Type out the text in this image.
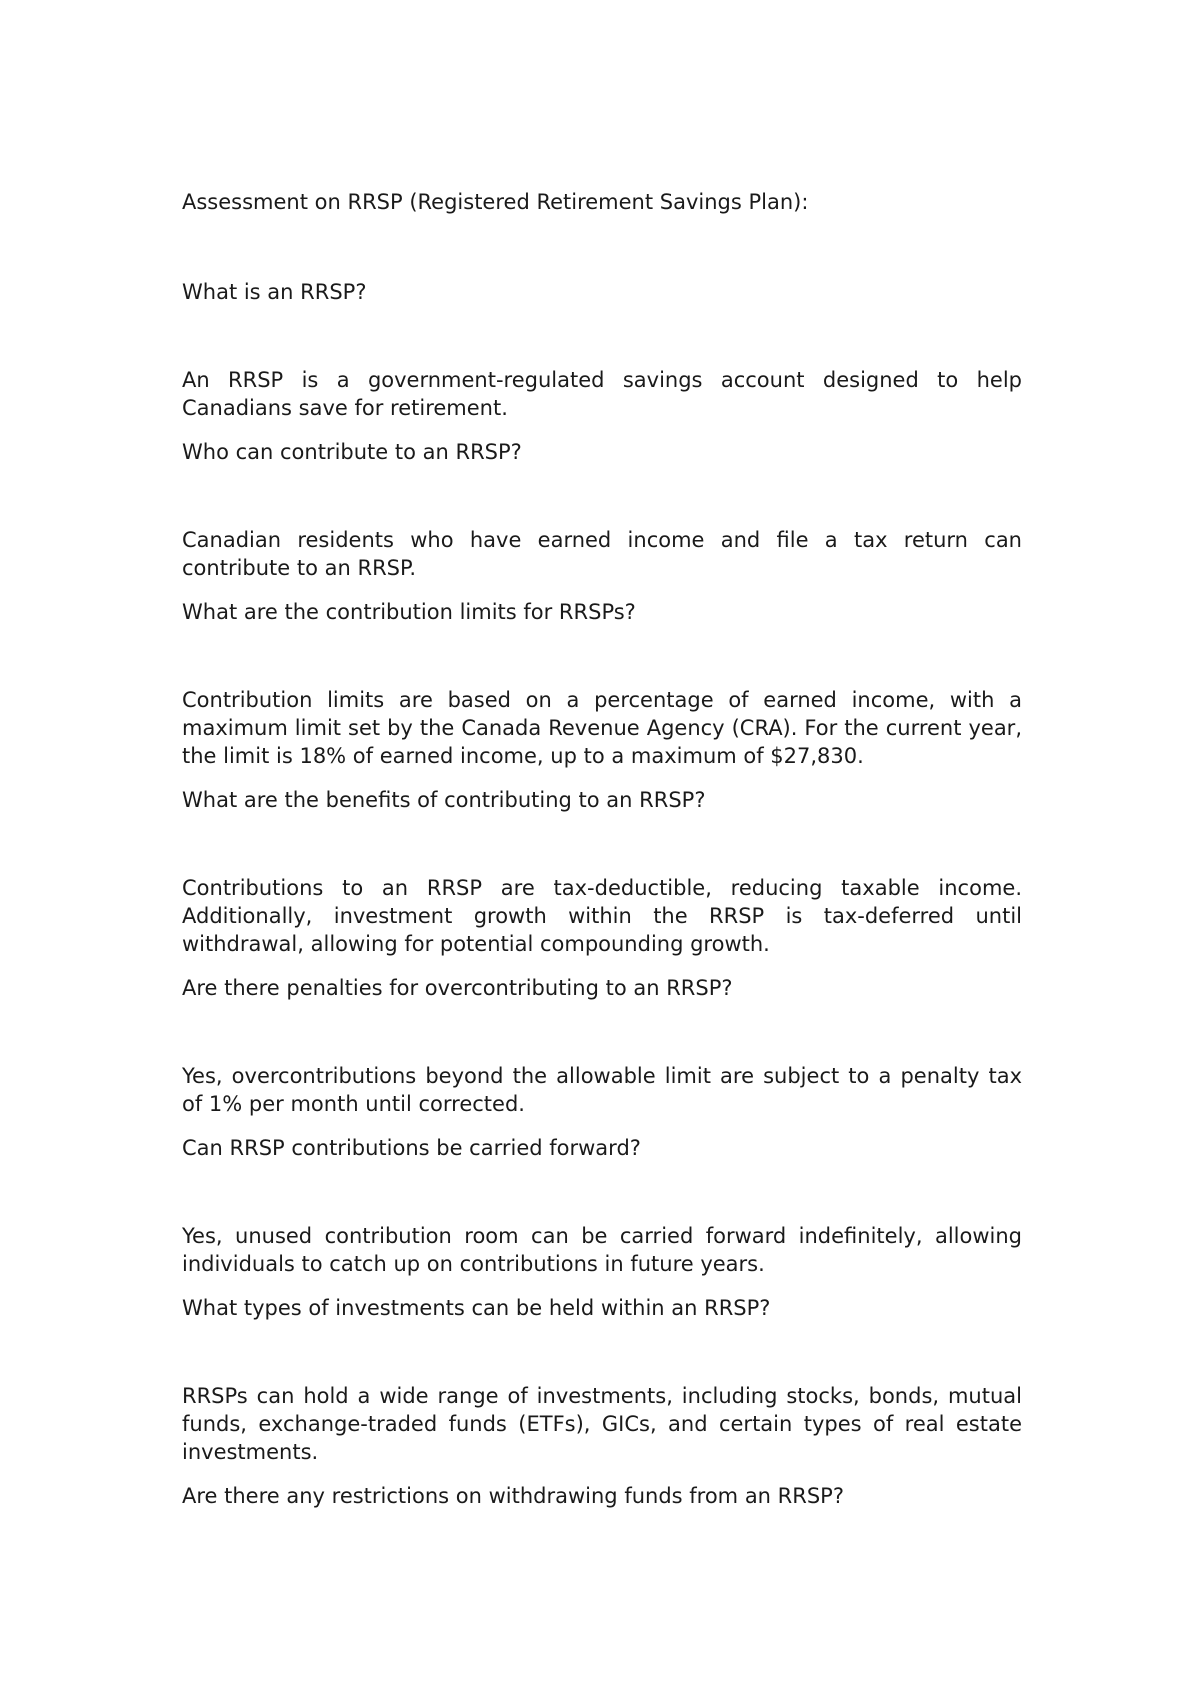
Assessment on RRSP (Registered Retirement Savings Plan):

What is an RRSP?

An RRSP is a government-regulated savings account designed to help Canadians save for retirement.

Who can contribute to an RRSP?

Canadian residents who have earned income and file a tax return can contribute to an RRSP.

What are the contribution limits for RRSPs?

Contribution limits are based on a percentage of earned income, with a maximum limit set by the Canada Revenue Agency (CRA). For the current year, the limit is 18% of earned income, up to a maximum of $27,830.

What are the benefits of contributing to an RRSP?

Contributions to an RRSP are tax-deductible, reducing taxable income. Additionally, investment growth within the RRSP is tax-deferred until withdrawal, allowing for potential compounding growth.

Are there penalties for overcontributing to an RRSP?

Yes, overcontributions beyond the allowable limit are subject to a penalty tax of 1% per month until corrected.

Can RRSP contributions be carried forward?

Yes, unused contribution room can be carried forward indefinitely, allowing individuals to catch up on contributions in future years.

What types of investments can be held within an RRSP?

RRSPs can hold a wide range of investments, including stocks, bonds, mutual funds, exchange-traded funds (ETFs), GICs, and certain types of real estate investments.

Are there any restrictions on withdrawing funds from an RRSP?
